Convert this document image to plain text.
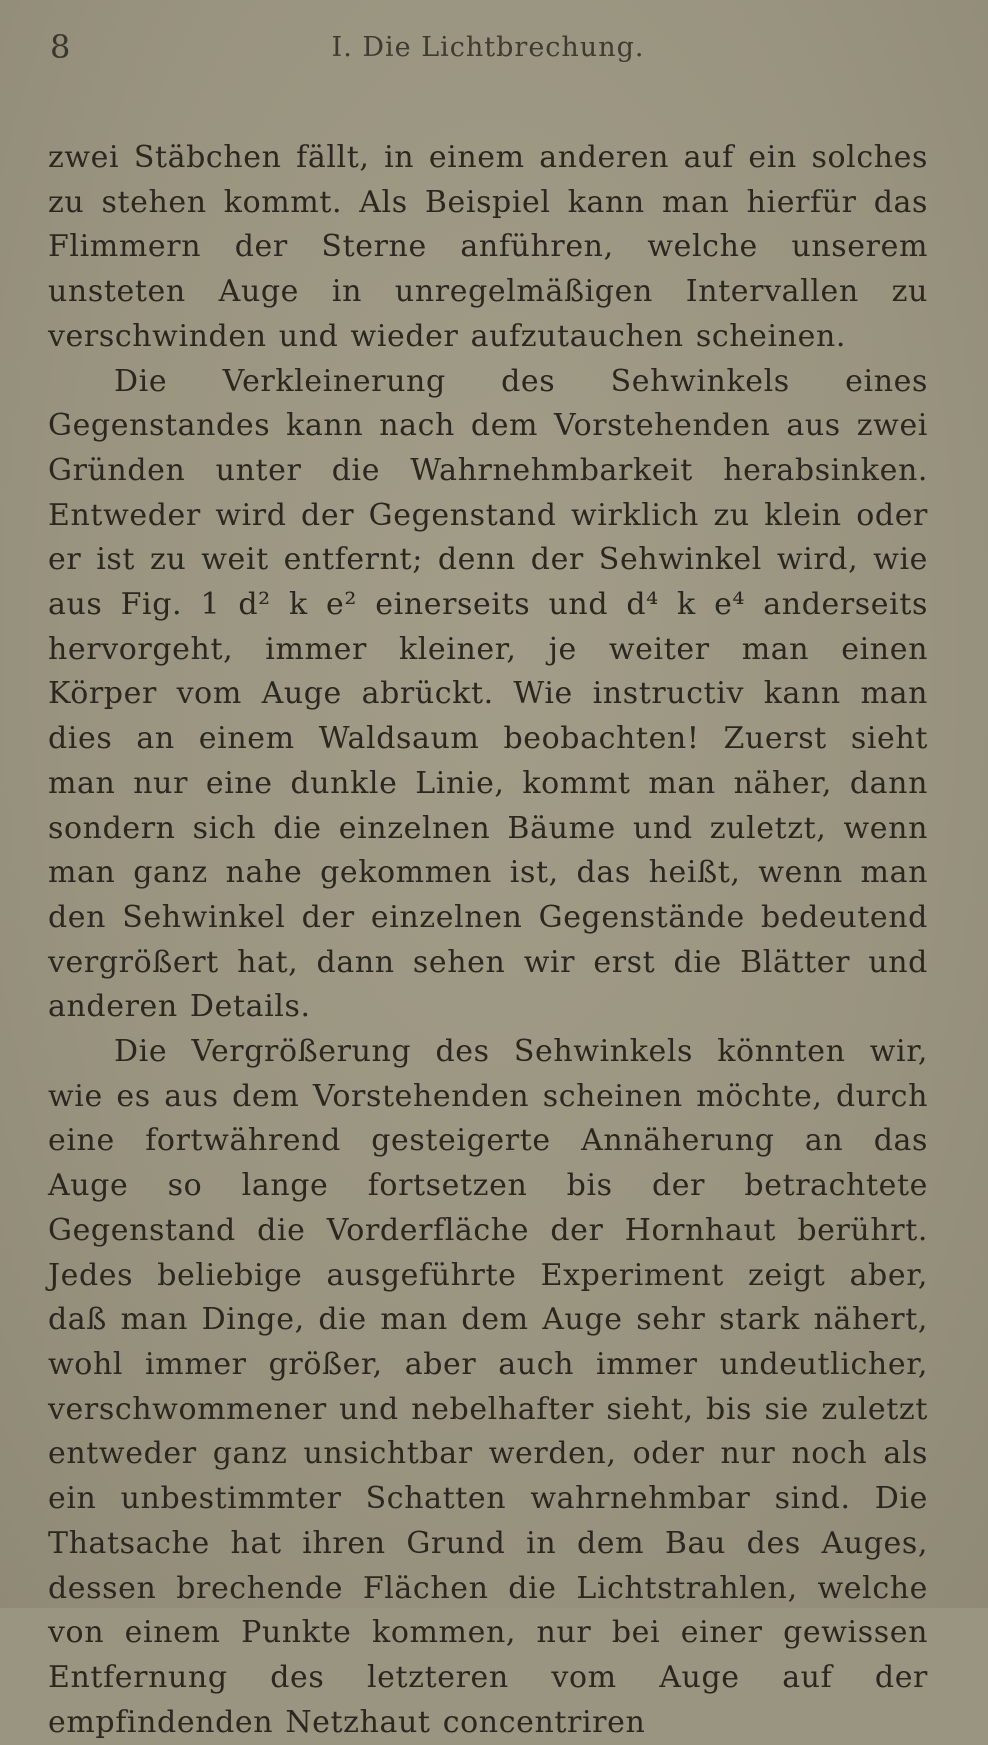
8	I. Die Lichtbrechung.

zwei Stäbchen fällt, in einem anderen auf ein solches zu stehen kommt. Als Beispiel kann man hierfür das Flimmern der Sterne anführen, welche unserem unsteten Auge in unregelmäßigen Intervallen zu verschwinden und wieder aufzutauchen scheinen.

Die Verkleinerung des Sehwinkels eines Gegenstandes kann nach dem Vorstehenden aus zwei Gründen unter die Wahrnehmbarkeit herabsinken. Entweder wird der Gegenstand wirklich zu klein oder er ist zu weit entfernt; denn der Sehwinkel wird, wie aus Fig. 1 d² k e² einerseits und d⁴ k e⁴ anderseits hervorgeht, immer kleiner, je weiter man einen Körper vom Auge abrückt. Wie instructiv kann man dies an einem Waldsaum beobachten! Zuerst sieht man nur eine dunkle Linie, kommt man näher, dann sondern sich die einzelnen Bäume und zuletzt, wenn man ganz nahe gekommen ist, das heißt, wenn man den Sehwinkel der einzelnen Gegenstände bedeutend vergrößert hat, dann sehen wir erst die Blätter und anderen Details.

Die Vergrößerung des Sehwinkels könnten wir, wie es aus dem Vorstehenden scheinen möchte, durch eine fortwährend gesteigerte Annäherung an das Auge so lange fortsetzen bis der betrachtete Gegenstand die Vorderfläche der Hornhaut berührt. Jedes beliebige ausgeführte Experiment zeigt aber, daß man Dinge, die man dem Auge sehr stark nähert, wohl immer größer, aber auch immer undeutlicher, verschwommener und nebelhafter sieht, bis sie zuletzt entweder ganz unsichtbar werden, oder nur noch als ein unbestimmter Schatten wahrnehmbar sind. Die Thatsache hat ihren Grund in dem Bau des Auges, dessen brechende Flächen die Lichtstrahlen, welche von einem Punkte kommen, nur bei einer gewissen Entfernung des letzteren vom Auge auf der empfindenden Netzhaut concentriren
